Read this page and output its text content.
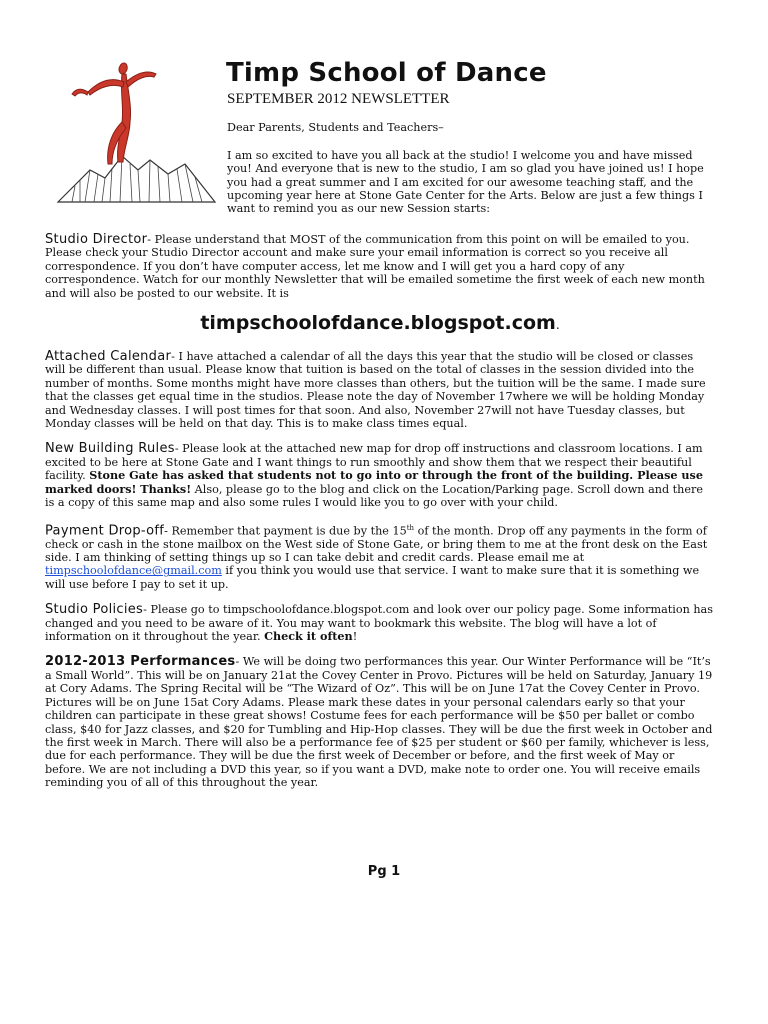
Timp School of Dance
SEPTEMBER 2012 NEWSLETTER
Dear Parents, Students and Teachers–
I am so excited to have you all back at the studio! I welcome you and have missed you! And everyone that is new to the studio, I am so glad you have joined us! I hope you had a great summer and I am excited for our awesome teaching staff, and the upcoming year here at Stone Gate Center for the Arts. Below are just a few things I want to remind you as our new Session starts:

Studio Director- Please understand that MOST of the communication from this point on will be emailed to you. Please check your Studio Director account and make sure your email information is correct so you receive all correspondence. If you don’t have computer access, let me know and I will get you a hard copy of any correspondence. Watch for our monthly Newsletter that will be emailed sometime the first week of each new month and will also be posted to our website. It is

timpschoolofdance.blogspot.com.

Attached Calendar- I have attached a calendar of all the days this year that the studio will be closed or classes will be different than usual. Please know that tuition is based on the total of classes in the session divided into the number of months. Some months might have more classes than others, but the tuition will be the same. I made sure that the classes get equal time in the studios. Please note the day of November 17where we will be holding Monday and Wednesday classes. I will post times for that soon. And also, November 27will not have Tuesday classes, but Monday classes will be held on that day. This is to make class times equal.

New Building Rules- Please look at the attached new map for drop off instructions and classroom locations. I am excited to be here at Stone Gate and I want things to run smoothly and show them that we respect their beautiful facility. Stone Gate has asked that students not to go into or through the front of the building. Please use marked doors! Thanks! Also, please go to the blog and click on the Location/Parking page. Scroll down and there is a copy of this same map and also some rules I would like you to go over with your child.

Payment Drop-off- Remember that payment is due by the 15th of the month. Drop off any payments in the form of check or cash in the stone mailbox on the West side of Stone Gate, or bring them to me at the front desk on the East side. I am thinking of setting things up so I can take debit and credit cards. Please email me at timpschoolofdance@gmail.com if you think you would use that service. I want to make sure that it is something we will use before I pay to set it up.

Studio Policies- Please go to timpschoolofdance.blogspot.com and look over our policy page. Some information has changed and you need to be aware of it. You may want to bookmark this website. The blog will have a lot of information on it throughout the year. Check it often!

2012-2013 Performances- We will be doing two performances this year. Our Winter Performance will be “It’s a Small World”. This will be on January 21at the Covey Center in Provo. Pictures will be held on Saturday, January 19 at Cory Adams. The Spring Recital will be “The Wizard of Oz”. This will be on June 17at the Covey Center in Provo. Pictures will be on June 15at Cory Adams. Please mark these dates in your personal calendars early so that your children can participate in these great shows! Costume fees for each performance will be $50 per ballet or combo class, $40 for Jazz classes, and $20 for Tumbling and Hip-Hop classes. They will be due the first week in October and the first week in March. There will also be a performance fee of $25 per student or $60 per family, whichever is less, due for each performance. They will be due the first week of December or before, and the first week of May or before. We are not including a DVD this year, so if you want a DVD, make note to order one. You will receive emails reminding you of all of this throughout the year.

Pg 1
